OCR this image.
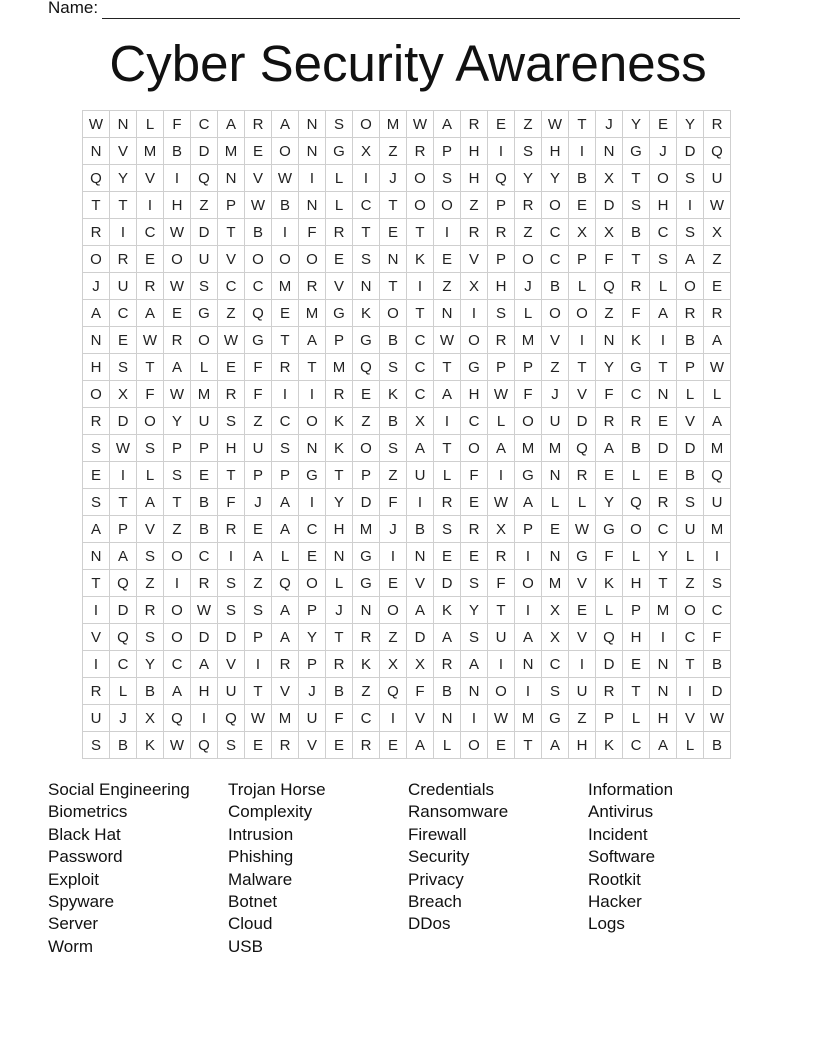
Name:
Cyber Security Awareness
W	N	L	F	C	A	R	A	N	S	O	M	W	A	R	E	Z	W	T	J	Y	E	Y	R
N	V	M	B	D	M	E	O	N	G	X	Z	R	P	H	I	S	H	I	N	G	J	D	Q
Q	Y	V	I	Q	N	V	W	I	L	I	J	O	S	H	Q	Y	Y	B	X	T	O	S	U
T	T	I	H	Z	P	W	B	N	L	C	T	O	O	Z	P	R	O	E	D	S	H	I	W
R	I	C	W	D	T	B	I	F	R	T	E	T	I	R	R	Z	C	X	X	B	C	S	X
O	R	E	O	U	V	O	O	O	E	S	N	K	E	V	P	O	C	P	F	T	S	A	Z
J	U	R	W	S	C	C	M	R	V	N	T	I	Z	X	H	J	B	L	Q	R	L	O	E
A	C	A	E	G	Z	Q	E	M	G	K	O	T	N	I	S	L	O	O	Z	F	A	R	R
N	E	W	R	O	W	G	T	A	P	G	B	C	W	O	R	M	V	I	N	K	I	B	A
H	S	T	A	L	E	F	R	T	M	Q	S	C	T	G	P	P	Z	T	Y	G	T	P	W
O	X	F	W	M	R	F	I	I	R	E	K	C	A	H	W	F	J	V	F	C	N	L	L
R	D	O	Y	U	S	Z	C	O	K	Z	B	X	I	C	L	O	U	D	R	R	E	V	A
S	W	S	P	P	H	U	S	N	K	O	S	A	T	O	A	M	M	Q	A	B	D	D	M
E	I	L	S	E	T	P	P	G	T	P	Z	U	L	F	I	G	N	R	E	L	E	B	Q
S	T	A	T	B	F	J	A	I	Y	D	F	I	R	E	W	A	L	L	Y	Q	R	S	U
A	P	V	Z	B	R	E	A	C	H	M	J	B	S	R	X	P	E	W	G	O	C	U	M
N	A	S	O	C	I	A	L	E	N	G	I	N	E	E	R	I	N	G	F	L	Y	L	I
T	Q	Z	I	R	S	Z	Q	O	L	G	E	V	D	S	F	O	M	V	K	H	T	Z	S
I	D	R	O	W	S	S	A	P	J	N	O	A	K	Y	T	I	X	E	L	P	M	O	C
V	Q	S	O	D	D	P	A	Y	T	R	Z	D	A	S	U	A	X	V	Q	H	I	C	F
I	C	Y	C	A	V	I	R	P	R	K	X	X	R	A	I	N	C	I	D	E	N	T	B
R	L	B	A	H	U	T	V	J	B	Z	Q	F	B	N	O	I	S	U	R	T	N	I	D
U	J	X	Q	I	Q	W	M	U	F	C	I	V	N	I	W	M	G	Z	P	L	H	V	W
S	B	K	W	Q	S	E	R	V	E	R	E	A	L	O	E	T	A	H	K	C	A	L	B
Social Engineering
Biometrics
Black Hat
Password
Exploit
Spyware
Server
Worm
Trojan Horse
Complexity
Intrusion
Phishing
Malware
Botnet
Cloud
USB
Credentials
Ransomware
Firewall
Security
Privacy
Breach
DDos
Information
Antivirus
Incident
Software
Rootkit
Hacker
Logs
